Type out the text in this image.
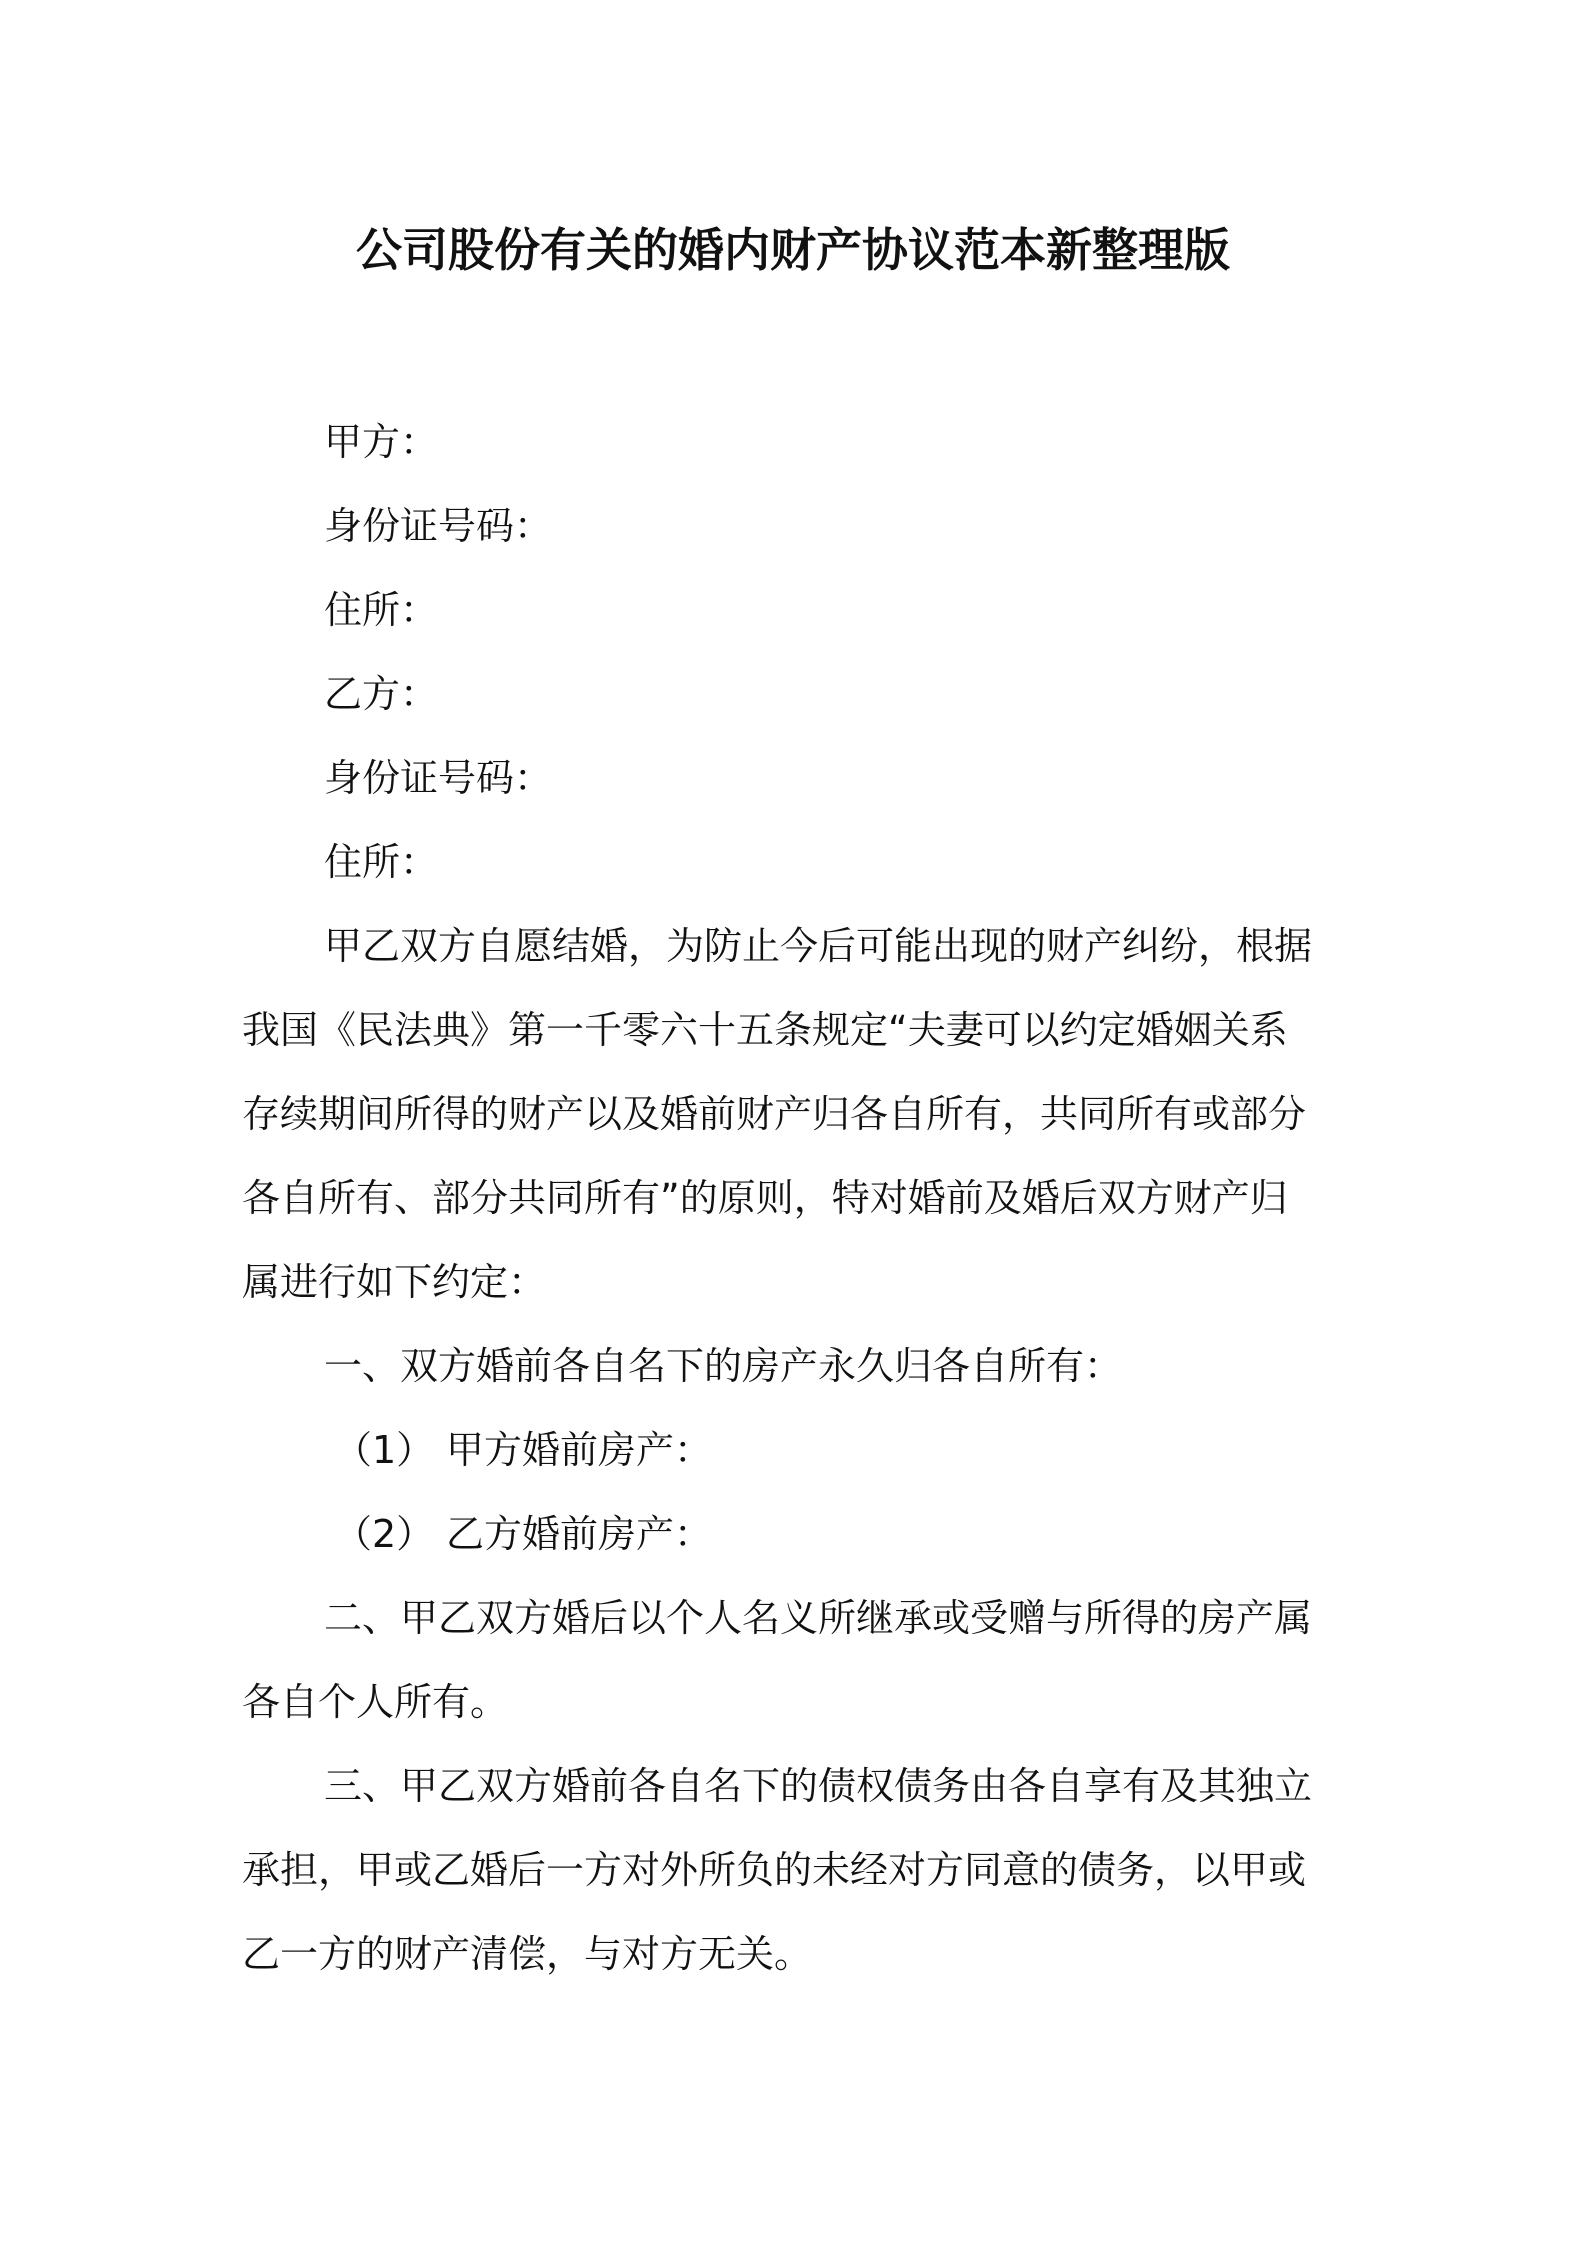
公司股份有关的婚内财产协议范本新整理版

甲方：

身份证号码：

住所：

乙方：

身份证号码：

住所：

甲乙双方自愿结婚，为防止今后可能出现的财产纠纷，根据

我国《民法典》第一千零六十五条规定“夫妻可以约定婚姻关系

存续期间所得的财产以及婚前财产归各自所有，共同所有或部分

各自所有、部分共同所有”的原则，特对婚前及婚后双方财产归

属进行如下约定：

一、双方婚前各自名下的房产永久归各自所有：

（1） 甲方婚前房产：

（2） 乙方婚前房产：

二、甲乙双方婚后以个人名义所继承或受赠与所得的房产属

各自个人所有。

三、甲乙双方婚前各自名下的债权债务由各自享有及其独立

承担，甲或乙婚后一方对外所负的未经对方同意的债务，以甲或

乙一方的财产清偿，与对方无关。
